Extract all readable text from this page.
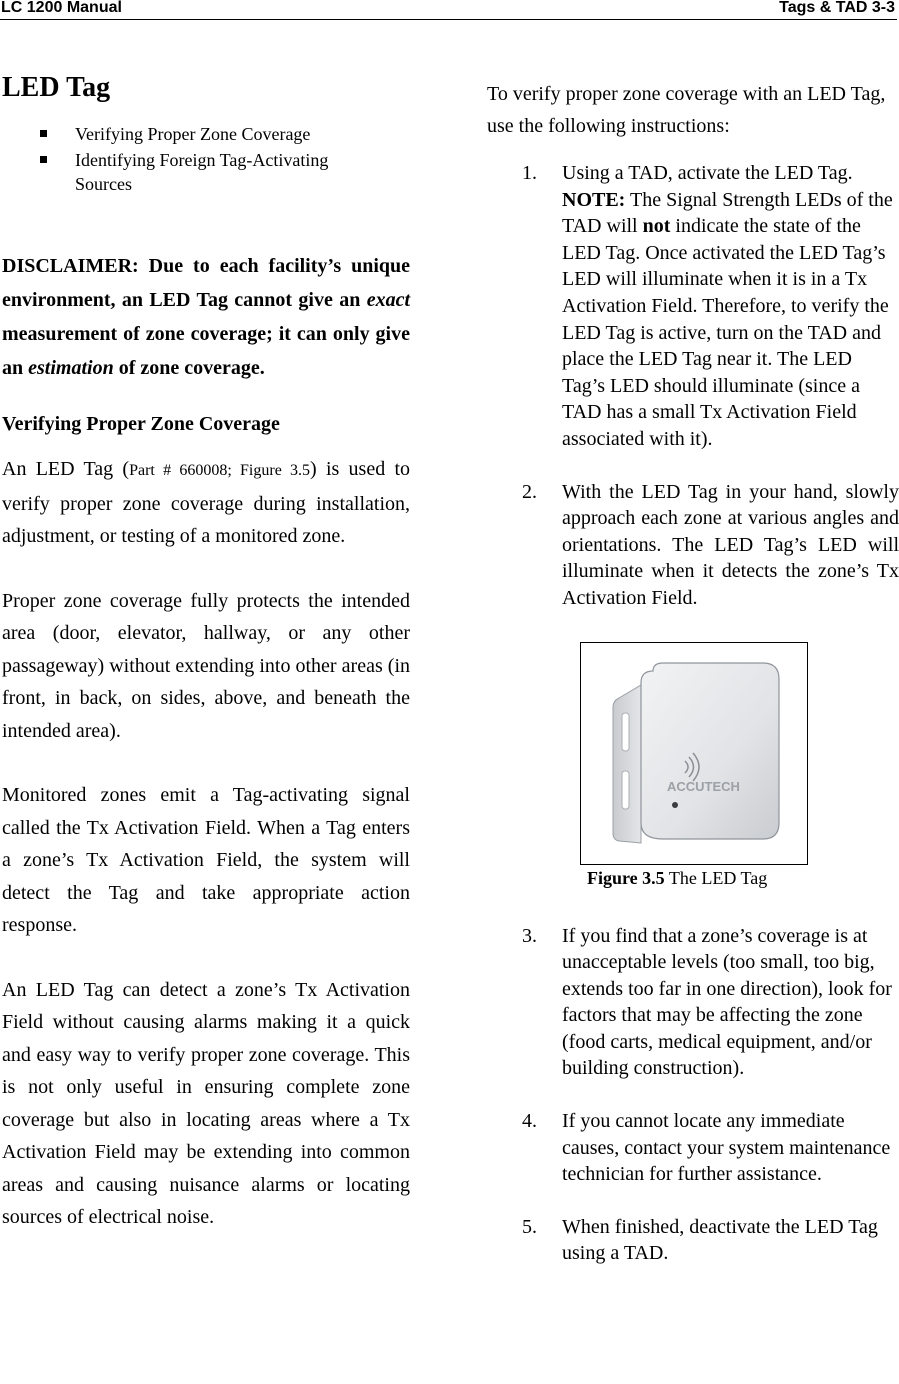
LC 1200 Manual	Tags & TAD 3-3
LED Tag
Verifying Proper Zone Coverage
Identifying Foreign Tag-Activating Sources
DISCLAIMER: Due to each facility’s unique environment, an LED Tag cannot give an exact measurement of zone coverage; it can only give an estimation of zone coverage.
Verifying Proper Zone Coverage

An LED Tag (Part # 660008; Figure 3.5) is used to verify proper zone coverage during installation, adjustment, or testing of a monitored zone.

Proper zone coverage fully protects the intended area (door, elevator, hallway, or any other passageway) without extending into other areas (in front, in back, on sides, above, and beneath the intended area).

Monitored zones emit a Tag-activating signal called the Tx Activation Field. When a Tag enters a zone’s Tx Activation Field, the system will detect the Tag and take appropriate action response.

An LED Tag can detect a zone’s Tx Activation Field without causing alarms making it a quick and easy way to verify proper zone coverage. This is not only useful in ensuring complete zone coverage but also in locating areas where a Tx Activation Field may be extending into common areas and causing nuisance alarms or locating sources of electrical noise.

To verify proper zone coverage with an LED Tag, use the following instructions:

1. Using a TAD, activate the LED Tag. NOTE: The Signal Strength LEDs of the TAD will not indicate the state of the LED Tag. Once activated the LED Tag’s LED will illuminate when it is in a Tx Activation Field. Therefore, to verify the LED Tag is active, turn on the TAD and place the LED Tag near it. The LED Tag’s LED should illuminate (since a TAD has a small Tx Activation Field associated with it).
2. With the LED Tag in your hand, slowly approach each zone at various angles and orientations. The LED Tag’s LED will illuminate when it detects the zone’s Tx Activation Field.
ACCUTECH
Figure 3.5 The LED Tag
3. If you find that a zone’s coverage is at unacceptable levels (too small, too big, extends too far in one direction), look for factors that may be affecting the zone (food carts, medical equipment, and/or building construction).
4. If you cannot locate any immediate causes, contact your system maintenance technician for further assistance.
5. When finished, deactivate the LED Tag using a TAD.
